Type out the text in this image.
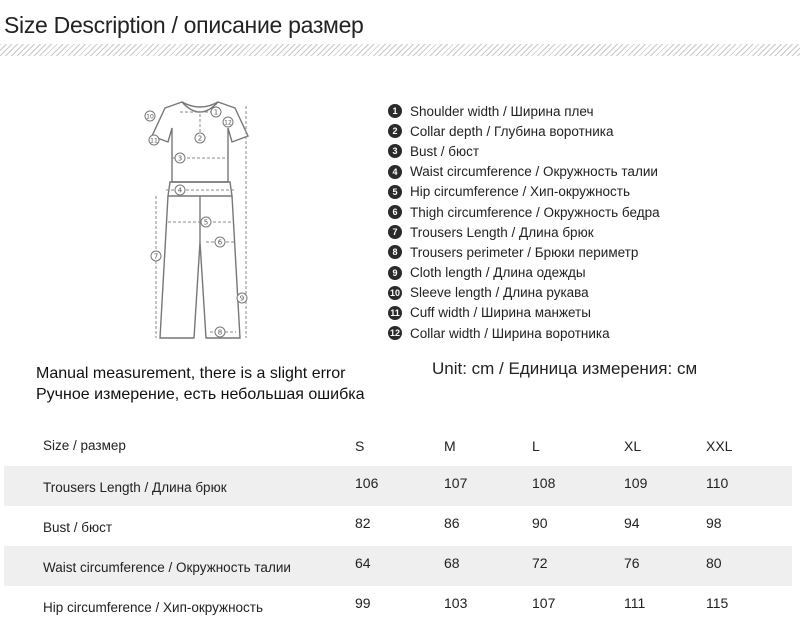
Size Description / описание размер
1
2
3
4
5
6
7
8
9
10
11
12
1 Shoulder width / Ширина плеч
2 Collar depth / Глубина воротника
3 Bust / бюст
4 Waist circumference / Окружность талии
5 Hip circumference / Хип-окружность
6 Thigh circumference / Окружность бедра
7 Trousers Length / Длина брюк
8 Trousers perimeter / Брюки периметр
9 Cloth length / Длина одежды
10 Sleeve length / Длина рукава
11 Cuff width / Ширина манжеты
12 Collar width / Ширина воротника
Manual measurement, there is a slight error
Ручное измерение, есть небольшая ошибка
Unit: cm / Единица измерения: см
Size / размер	S	M	L	XL	XXL
Trousers Length / Длина брюк	106	107	108	109	110
Bust / бюст	82	86	90	94	98
Waist circumference / Окружность талии	64	68	72	76	80
Hip circumference / Хип-окружность	99	103	107	111	115
